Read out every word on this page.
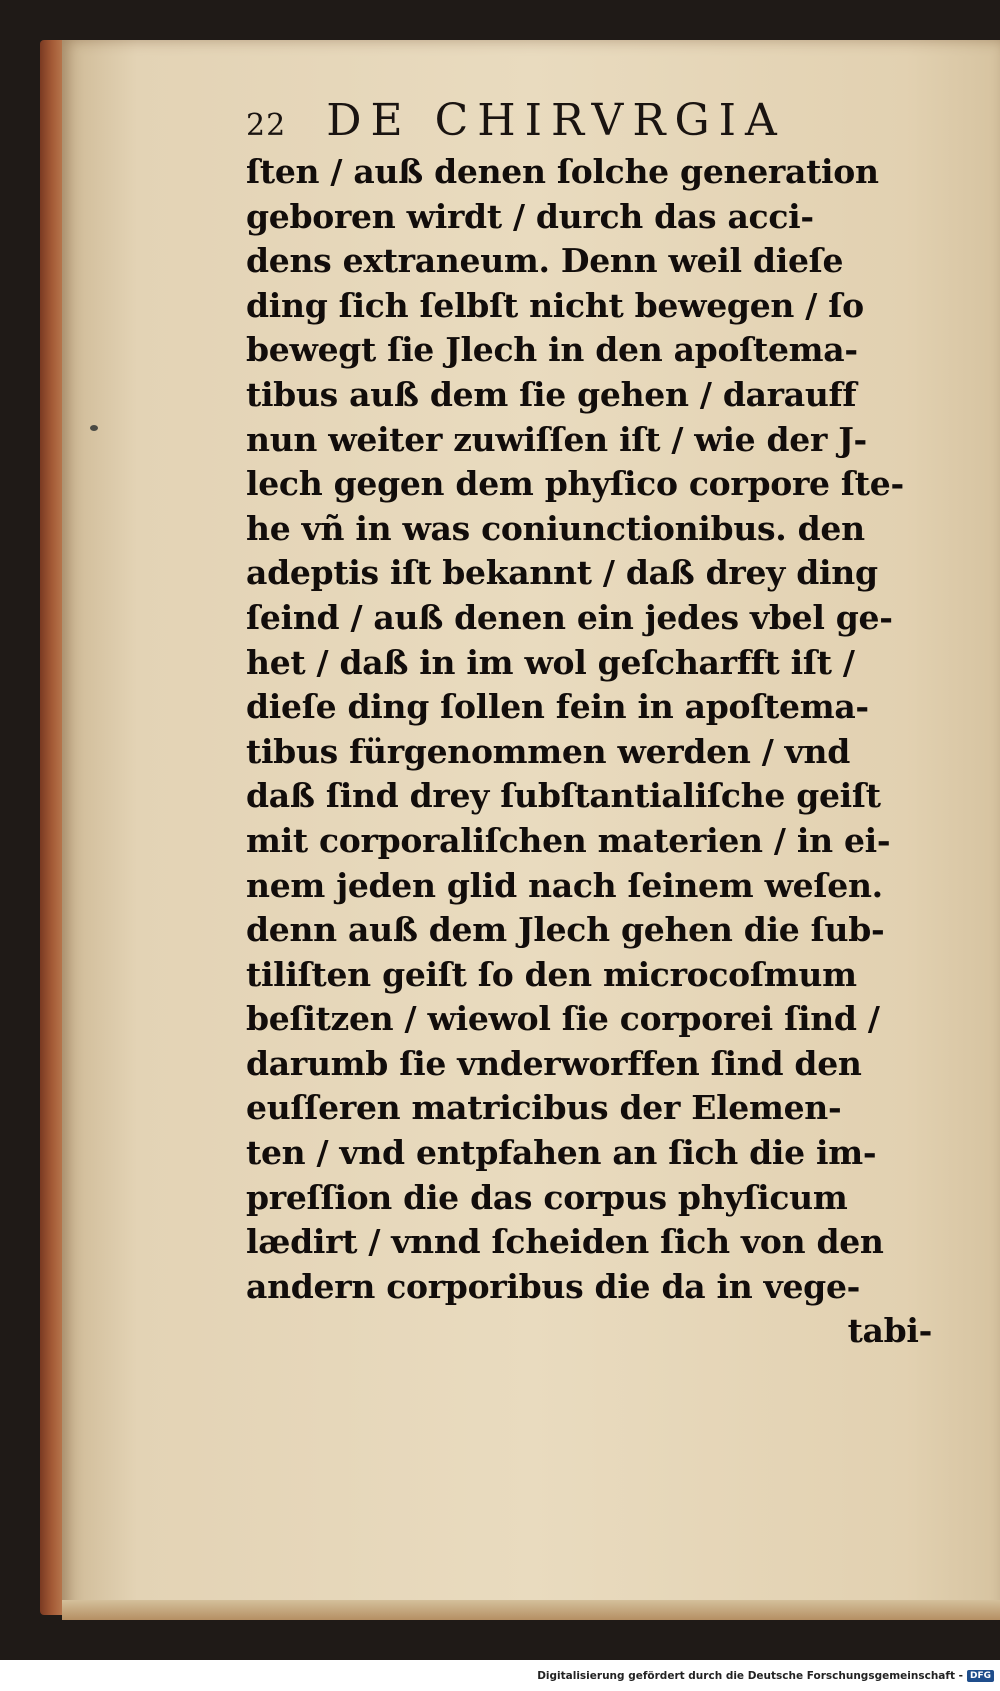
22 DE CHIRVRGIA
ſten / auß denen ſolche generation
geboren wirdt / durch das acci-
dens extraneum. Denn weil dieſe
ding ſich ſelbſt nicht bewegen / ſo
bewegt ſie Jlech in den apoſtema-
tibus auß dem ſie gehen / darauff
nun weiter zuwiſſen iſt / wie der J-
lech gegen dem phyſico corpore ſte-
he vñ in was coniunctionibus. den
adeptis iſt bekannt / daß drey ding
ſeind / auß denen ein jedes vbel ge-
het / daß in im wol geſcharfft iſt /
dieſe ding ſollen fein in apoſtema-
tibus fürgenommen werden / vnd
daß ſind drey ſubſtantialiſche geiſt
mit corporaliſchen materien / in ei-
nem jeden glid nach ſeinem weſen.
denn auß dem Jlech gehen die ſub-
tiliſten geiſt ſo den microcoſmum
beſitzen / wiewol ſie corporei ſind /
darumb ſie vnderworffen ſind den
euſſeren matricibus der Elemen-
ten / vnd entpfahen an ſich die im-
preſſion die das corpus phyſicum
lædirt / vnnd ſcheiden ſich von den
andern corporibus die da in vege-
tabi-
Digitalisierung gefördert durch die Deutsche Forschungsgemeinschaft - DFG
